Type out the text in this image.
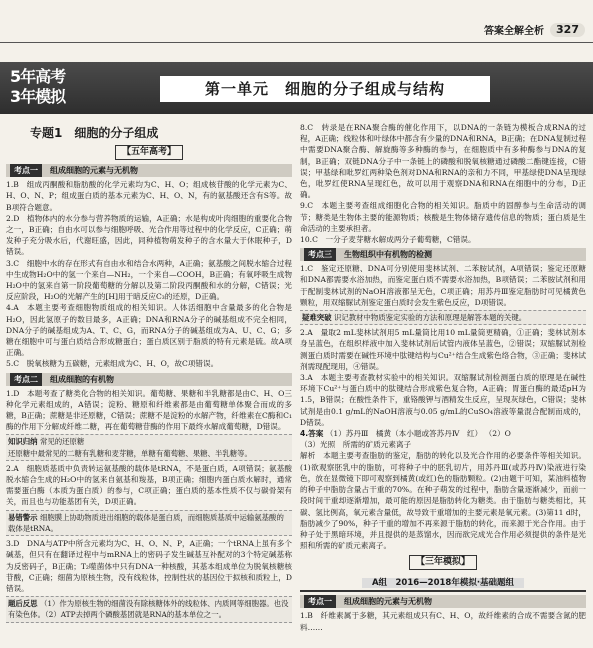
答案全解全析	327
5年高考
3年模拟	第一单元　细胞的分子组成与结构
专题1　细胞的分子组成
【五年高考】
考点一	组成细胞的元素与无机物

1.B　组成丙酮酸和脂肪酸的化学元素均为C、H、O；组成核苷酸的化学元素为C、H、O、N、P；组成蛋白质的基本元素为C、H、O、N，有的氨基酸还含有S等。故B项符合题意。

2.D　植物体内的水分参与营养物质的运输，A正确；水是构成叶肉细胞的重要化合物之一，B正确；自由水可以参与细胞呼吸、光合作用等过程中的化学反应，C正确；萌发种子充分吸水后，代谢旺盛，因此，同种植物萌发种子的含水量大于休眠种子，D错误。

3.C　细胞中水的存在形式有自由水和结合水两种，A正确；氨基酸之间脱水缩合过程中生成物H₂O中的氢一个来自—NH₂，一个来自—COOH，B正确；有氧呼吸生成物H₂O中的氢来自第一阶段葡萄糖的分解以及第二阶段丙酮酸和水的分解，C错误；光反应阶段，H₂O的光解产生的[H]用于暗反应C₃的还原，D正确。

4.A　本题主要考查细胞物质组成的相关知识。人体活细胞中含量最多的化合物是H₂O，因此氢原子的数目最多，A正确；DNA和RNA分子的碱基组成不完全相同，DNA分子的碱基组成为A、T、C、G，而RNA分子的碱基组成为A、U、C、G；多糖在细胞中可与蛋白质结合形成糖蛋白；蛋白质区别于脂质的特有元素是硫。故A项正确。

5.C　脱氧核糖为五碳糖，元素组成为C、H、O，故C项错误。

考点二	组成细胞的有机物

1.D　本题考查了糖类化合物的相关知识。葡萄糖、果糖和半乳糖都是由C、H、O三种化学元素组成的，A错误；淀粉、糖原和纤维素都是由葡萄糖单体聚合而成的多糖，B正确；蔗糖是非还原糖，C错误；蔗糖不是淀粉的水解产物，纤维素在C酶和C₁酶的作用下分解成纤维二糖，再在葡萄糖苷酶的作用下最终水解成葡萄糖，D错误。

知识归纳 常见的还原糖
还原糖中最常见的二糖有乳糖和麦芽糖，单糖有葡萄糖、果糖、半乳糖等。

2.A　细胞质基质中负责转运氨基酸的载体是tRNA，不是蛋白质，A项错误；氨基酸脱水缩合生成的H₂O中的氢来自氨基和羧基，B项正确；细胞内蛋白质水解时，通常需要蛋白酶（本质为蛋白质）的参与，C项正确；蛋白质的基本性质不仅与碳骨架有关，而且也与功能基团有关，D项正确。

易错警示 细胞膜上协助物质进出细胞的载体是蛋白质，而细胞质基质中运输氨基酸的载体是tRNA。

3.D　DNA与ATP中所含元素均为C、H、O、N、P，A正确；一个tRNA上虽有多个碱基，但只有在翻译过程中与mRNA上的密码子发生碱基互补配对的3个特定碱基称为反密码子，B正确；T₂噬菌体中只有DNA一种核酸，其基本组成单位为脱氧核糖核苷酸，C正确；细菌为原核生物，没有线粒体，控制性状的基因位于拟核和质粒上，D错误。

题后反思 （1）作为原核生物的细菌没有除核糖体外的线粒体、内质网等细胞器。也没有染色体。（2）ATP去掉两个磷酸基团就是RNA的基本单位之一。

8.C　转录是在RNA聚合酶的催化作用下，以DNA的一条链为模板合成RNA的过程，A正确；线粒体和叶绿体中都含有少量的DNA和RNA，B正确；在DNA复制过程中需要DNA聚合酶、解旋酶等多种酶的参与，在细胞质中有多种酶参与DNA的复制，B正确；双链DNA分子中一条链上的磷酸和脱氧核糖通过磷酸二酯键连接，C错误；甲基绿和吡罗红两种染色剂对DNA和RNA的亲和力不同，甲基绿使DNA呈现绿色，吡罗红使RNA呈现红色，故可以用于观察DNA和RNA在细胞中的分布，D正确。

9.C　本题主要考查组成细胞化合物的相关知识。脂质中的固醇参与生命活动的调节；糖类是生物体主要的能源物质；核酸是生物体储存遗传信息的物质；蛋白质是生命活动的主要承担者。

10.C　一分子麦芽糖水解成两分子葡萄糖，C错误。

考点三	生物组织中有机物的检测

1.C　鉴定还原糖、DNA可分别使用斐林试剂、二苯胺试剂，A项错误；鉴定还原糖和DNA都需要水浴加热，而鉴定蛋白质不需要水浴加热，B项错误；二苯胺试剂和用于配制斐林试剂的NaOH溶液都呈无色，C项正确；用苏丹Ⅲ鉴定脂肪时可见橘黄色颗粒，用双缩脲试剂鉴定蛋白质时会发生紫色反应，D项错误。

疑难突破 识记教材中物质鉴定实验的方法和原理是解答本题的关键。

2.A　量取2 mL斐林试剂用5 mL量筒比用10 mL量筒更精确，①正确；斐林试剂本身呈蓝色，在组织样液中加入斐林试剂后试管内液体呈蓝色，②错误；双缩脲试剂检测蛋白质时需要在碱性环境中肽键结构与Cu²⁺结合生成紫色络合物，③正确；斐林试剂需现配现用，④错误。

3.A　本题主要考查教材实验中的相关知识。双缩脲试剂检测蛋白质的原理是在碱性环境下Cu²⁺与蛋白质中的肽键结合形成紫色复合物，A正确；胃蛋白酶的最适pH为1.5，B错误；在酸性条件下，重铬酸钾与酒精发生反应，呈现灰绿色，C错误；斐林试剂是由0.1 g/mL的NaOH溶液与0.05 g/mL的CuSO₄溶液等量混合配制而成的，D错误。

4.答案 （1）苏丹Ⅲ　橘黄（本小题或答苏丹Ⅳ　红） （2）O
（3）光照　所需的矿质元素离子

解析　本题主要考查脂肪的鉴定，脂肪的转化以及光合作用的必要条件等相关知识。(1)欲观察胚乳中的脂肪，可将种子中的胚乳切片，用苏丹Ⅲ(或苏丹Ⅳ)染液进行染色，放在显微镜下即可观察到橘黄(或红)色的脂肪颗粒。(2)由题干可知，某油料植物的种子中脂肪含量占干重的70%。在种子萌发的过程中，脂肪含量逐渐减少，而前一段时间干重却逐渐增加，最可能的原因是脂肪转化为糖类。由于脂肪与糖类相比，其碳、氢比例高，氧元素含量低，故导致干重增加的主要元素是氧元素。(3)第11 d时，脂肪减少了90%，种子干重的增加不再来源于脂肪的转化，而来源于光合作用。由于种子处于黑暗环境，并且提供的是蒸馏水，因而欲完成光合作用必须提供的条件是光照和所需的矿质元素离子。

【三年模拟】
A组　2016—2018年模拟·基础题组
考点一	组成细胞的元素与无机物

1.B　纤维素属于多糖，其元素组成只有C、H、O，故纤维素的合成不需要含氮的肥料……
